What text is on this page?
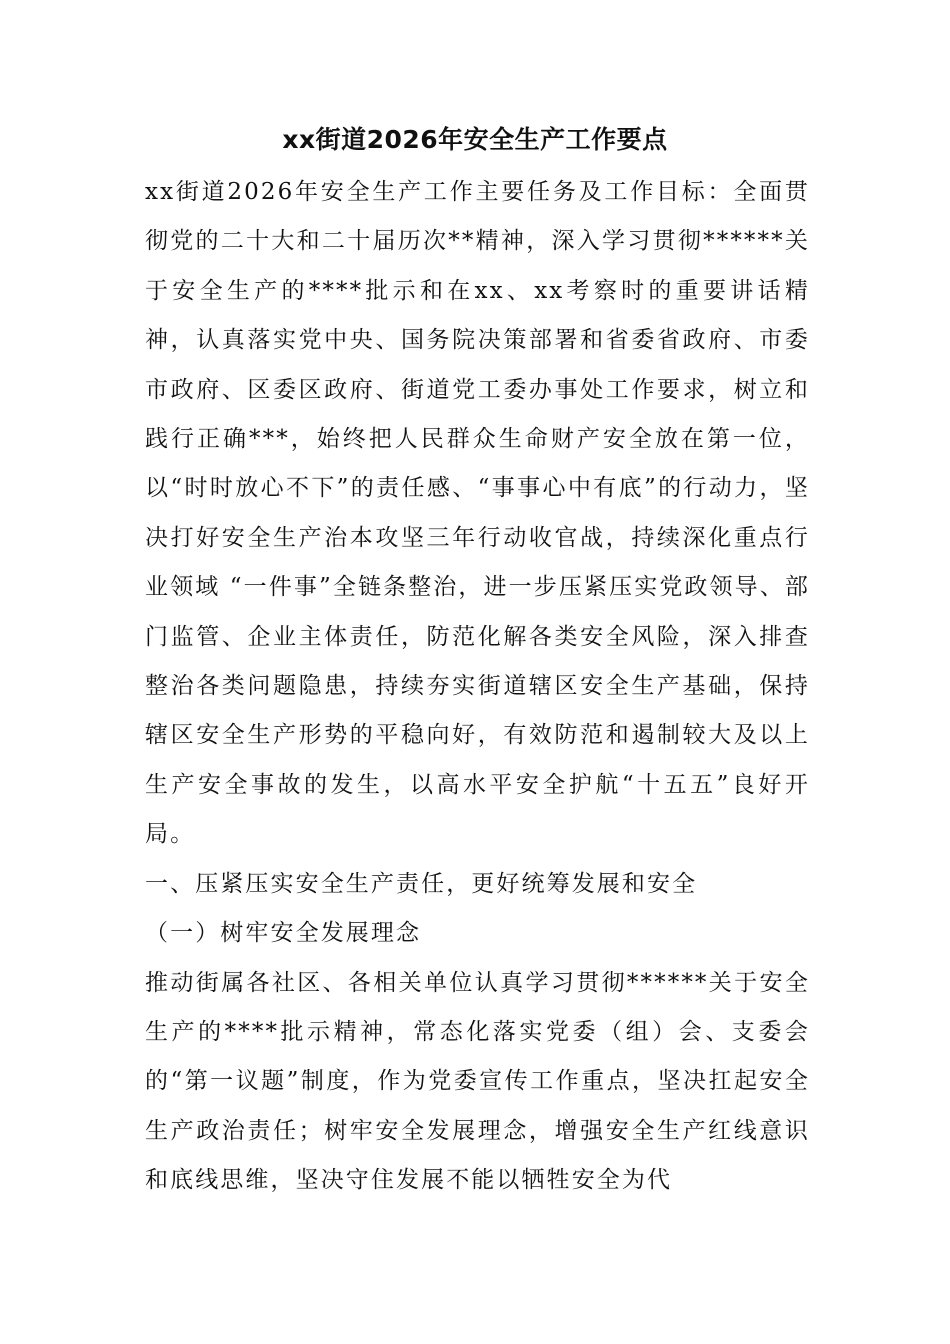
xx街道2026年安全生产工作要点

xx街道2026年安全生产工作主要任务及工作目标：全面贯彻党的二十大和二十届历次**精神，深入学习贯彻******关于安全生产的****批示和在xx、xx考察时的重要讲话精神，认真落实党中央、国务院决策部署和省委省政府、市委市政府、区委区政府、街道党工委办事处工作要求，树立和践行正确***，始终把人民群众生命财产安全放在第一位，以“时时放心不下”的责任感、“事事心中有底”的行动力，坚决打好安全生产治本攻坚三年行动收官战，持续深化重点行业领域 “一件事”全链条整治，进一步压紧压实党政领导、部门监管、企业主体责任，防范化解各类安全风险，深入排查整治各类问题隐患，持续夯实街道辖区安全生产基础，保持辖区安全生产形势的平稳向好，有效防范和遏制较大及以上生产安全事故的发生，以高水平安全护航“十五五”良好开局。

一、压紧压实安全生产责任，更好统筹发展和安全

（一）树牢安全发展理念

推动街属各社区、各相关单位认真学习贯彻******关于安全生产的****批示精神，常态化落实党委（组）会、支委会的“第一议题”制度，作为党委宣传工作重点，坚决扛起安全生产政治责任；树牢安全发展理念，增强安全生产红线意识和底线思维，坚决守住发展不能以牺牲安全为代
